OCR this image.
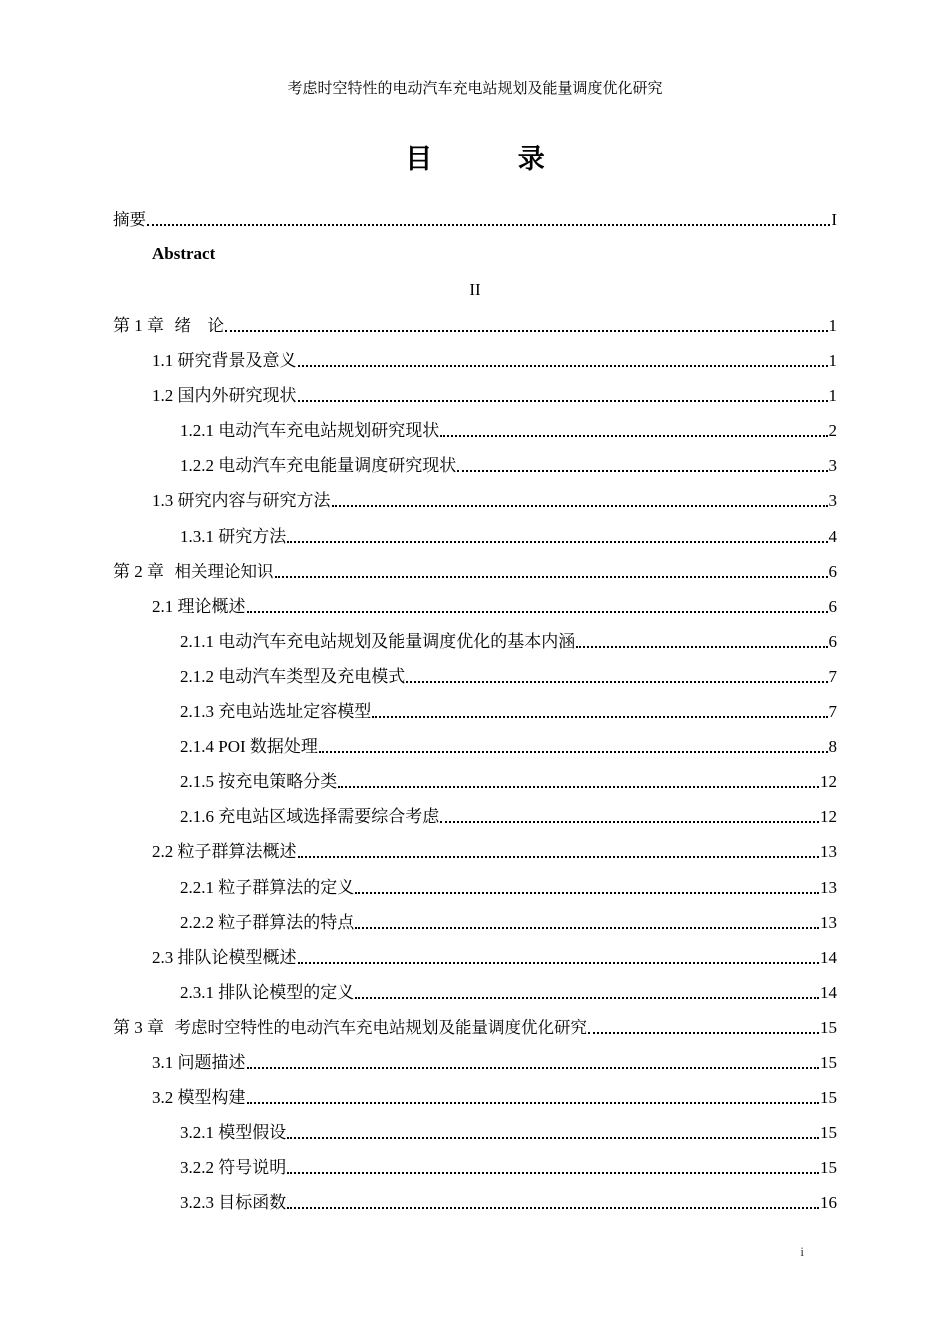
考虑时空特性的电动汽车充电站规划及能量调度优化研究
目 录
摘要	I
Abstract
II
第 1 章 绪　论	1
1.1 研究背景及意义	1
1.2 国内外研究现状	1
1.2.1 电动汽车充电站规划研究现状	2
1.2.2 电动汽车充电能量调度研究现状	3
1.3 研究内容与研究方法	3
1.3.1 研究方法	4
第 2 章 相关理论知识	6
2.1 理论概述	6
2.1.1 电动汽车充电站规划及能量调度优化的基本内涵	6
2.1.2 电动汽车类型及充电模式	7
2.1.3 充电站选址定容模型	7
2.1.4 POI 数据处理	8
2.1.5 按充电策略分类	12
2.1.6 充电站区域选择需要综合考虑	12
2.2 粒子群算法概述	13
2.2.1 粒子群算法的定义	13
2.2.2 粒子群算法的特点	13
2.3 排队论模型概述	14
2.3.1 排队论模型的定义	14
第 3 章 考虑时空特性的电动汽车充电站规划及能量调度优化研究	15
3.1 问题描述	15
3.2 模型构建	15
3.2.1 模型假设	15
3.2.2 符号说明	15
3.2.3 目标函数	16
i
